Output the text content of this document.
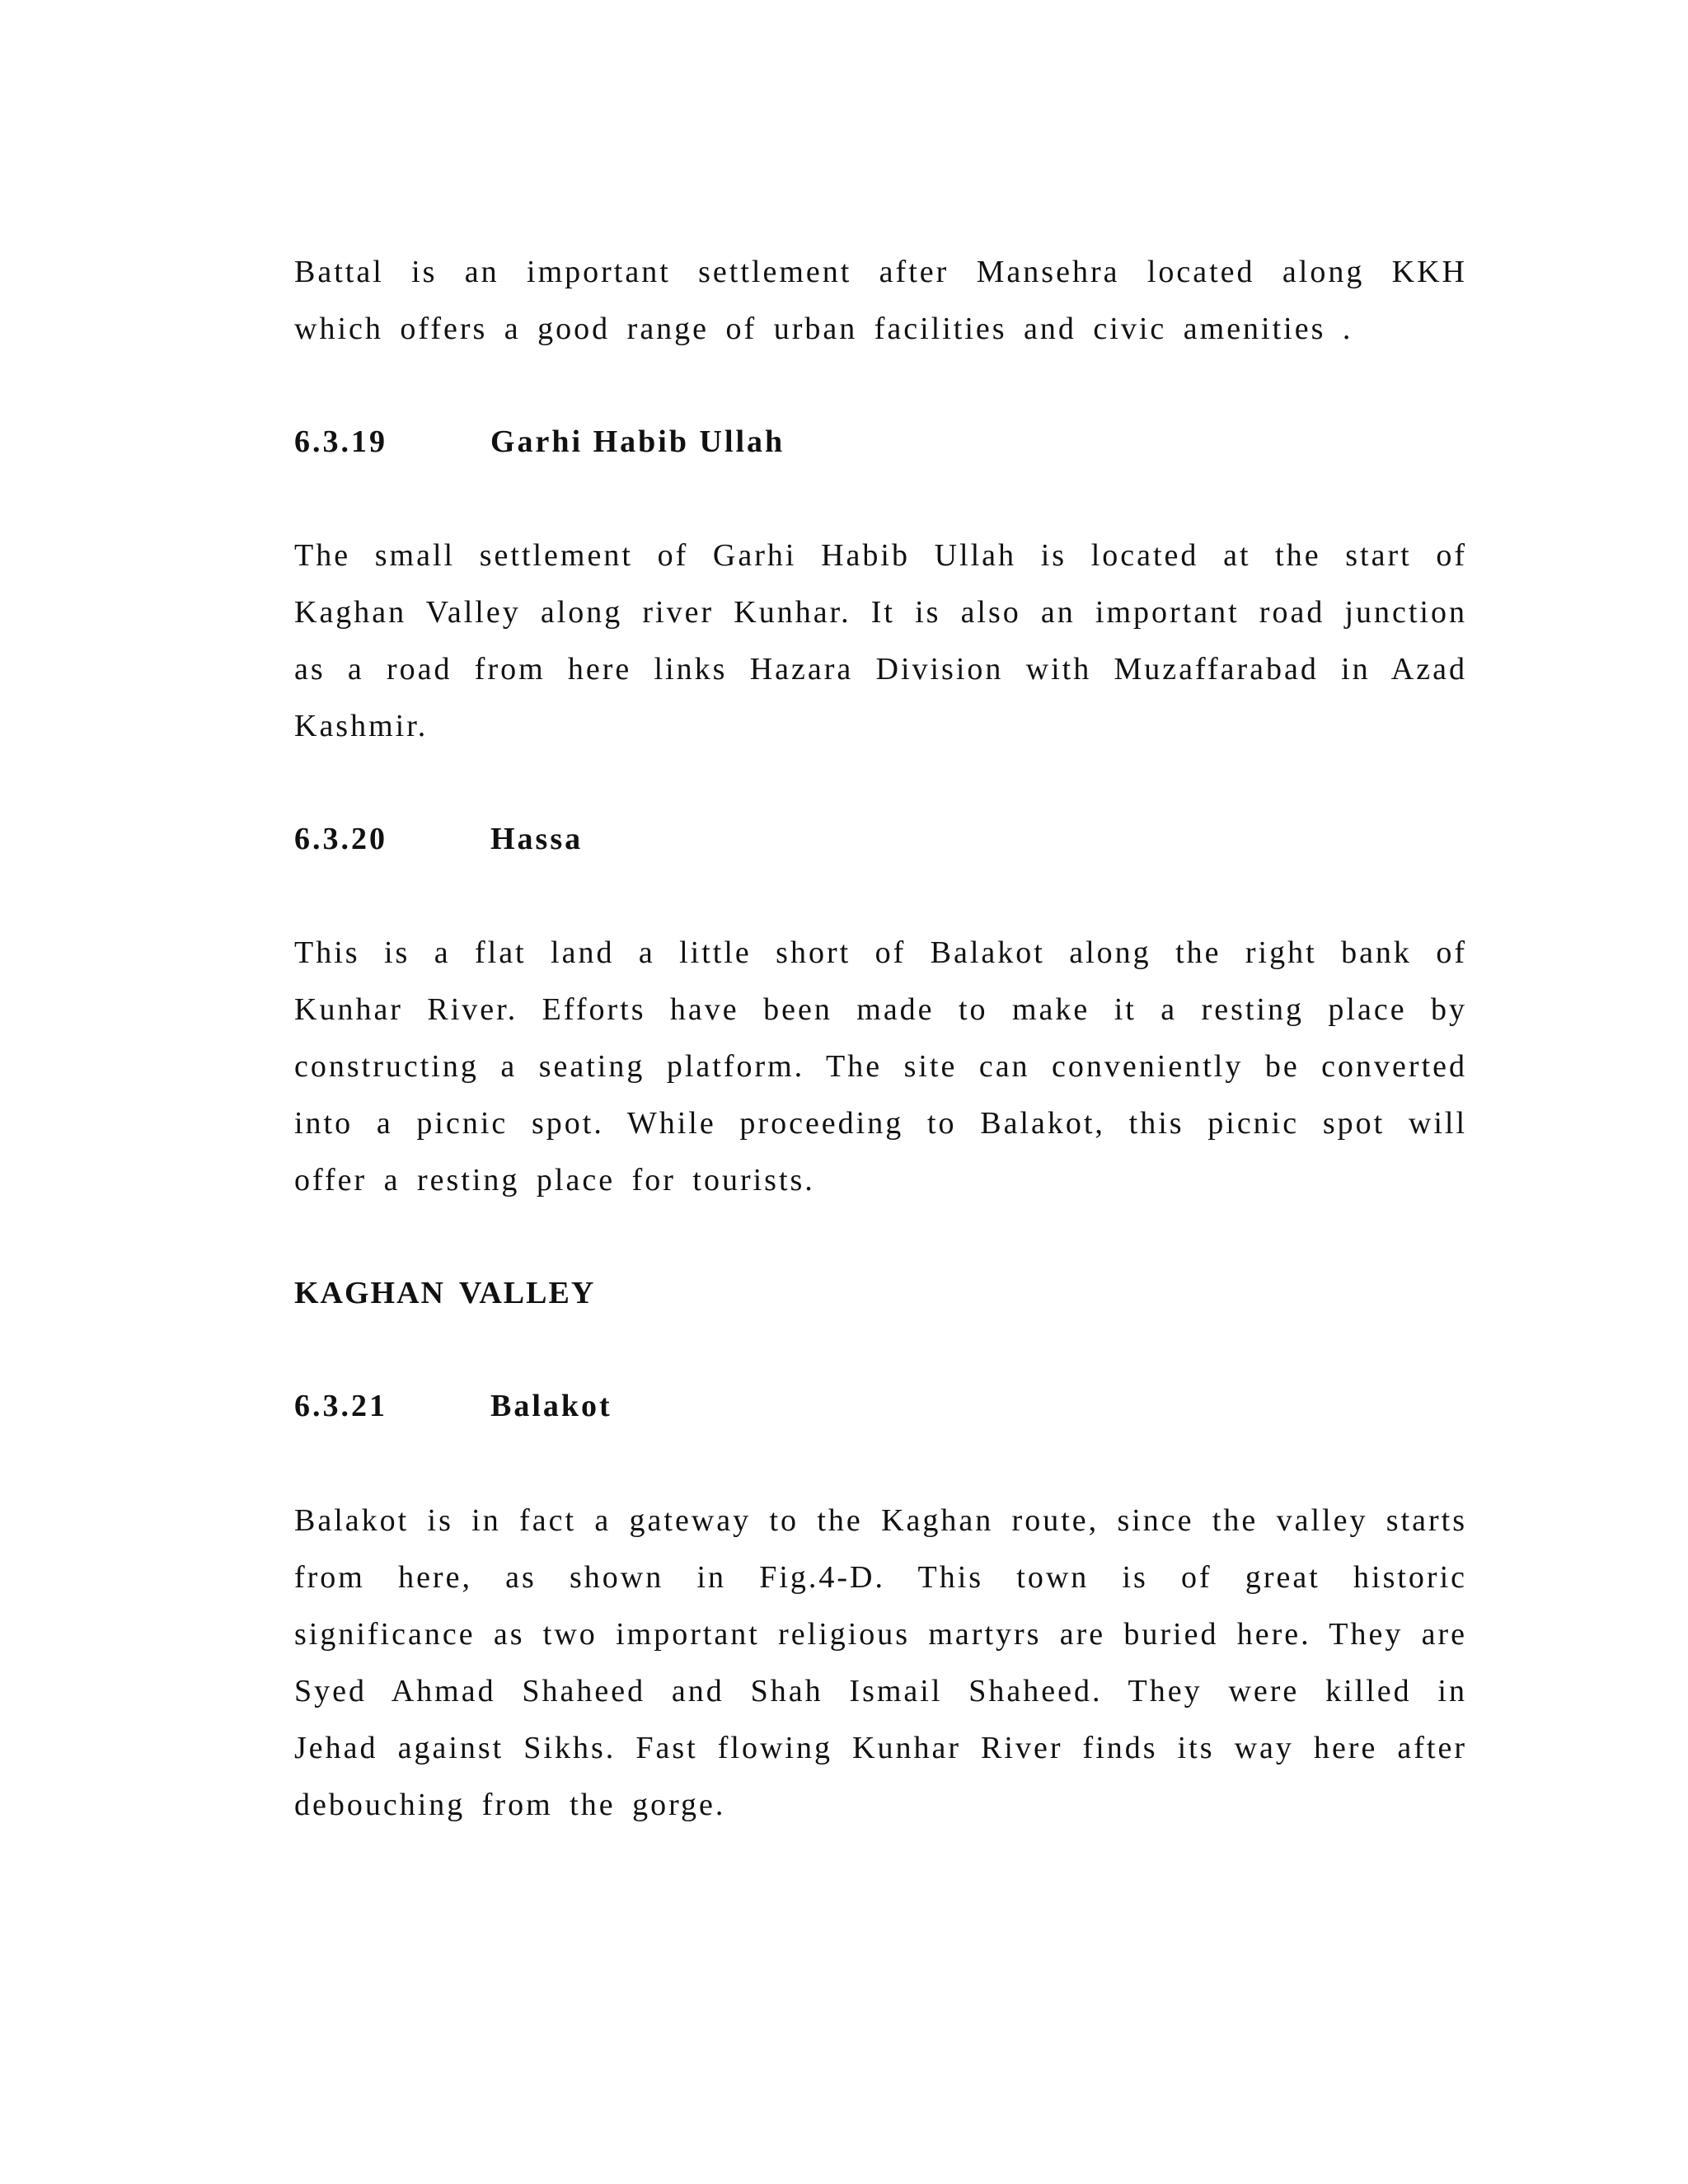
Battal is an important settlement after Mansehra located along KKH which offers a good range of urban facilities and civic amenities .

6.3.19	Garhi Habib Ullah

The small settlement of Garhi Habib Ullah is located at the start of Kaghan Valley along river Kunhar. It is also an important road junction as a road from here links Hazara Division with Muzaffarabad in Azad Kashmir.

6.3.20	Hassa

This is a flat land a little short of Balakot along the right bank of Kunhar River. Efforts have been made to make it a resting place by constructing a seating platform. The site can conveniently be converted into a picnic spot. While proceeding to Balakot, this picnic spot will offer a resting place for tourists.

KAGHAN VALLEY
6.3.21	Balakot

Balakot is in fact a gateway to the Kaghan route, since the valley starts from here, as shown in Fig.4-D. This town is of great historic significance as two important religious martyrs are buried here. They are Syed Ahmad Shaheed and Shah Ismail Shaheed. They were killed in Jehad against Sikhs. Fast flowing Kunhar River finds its way here after debouching from the gorge.
